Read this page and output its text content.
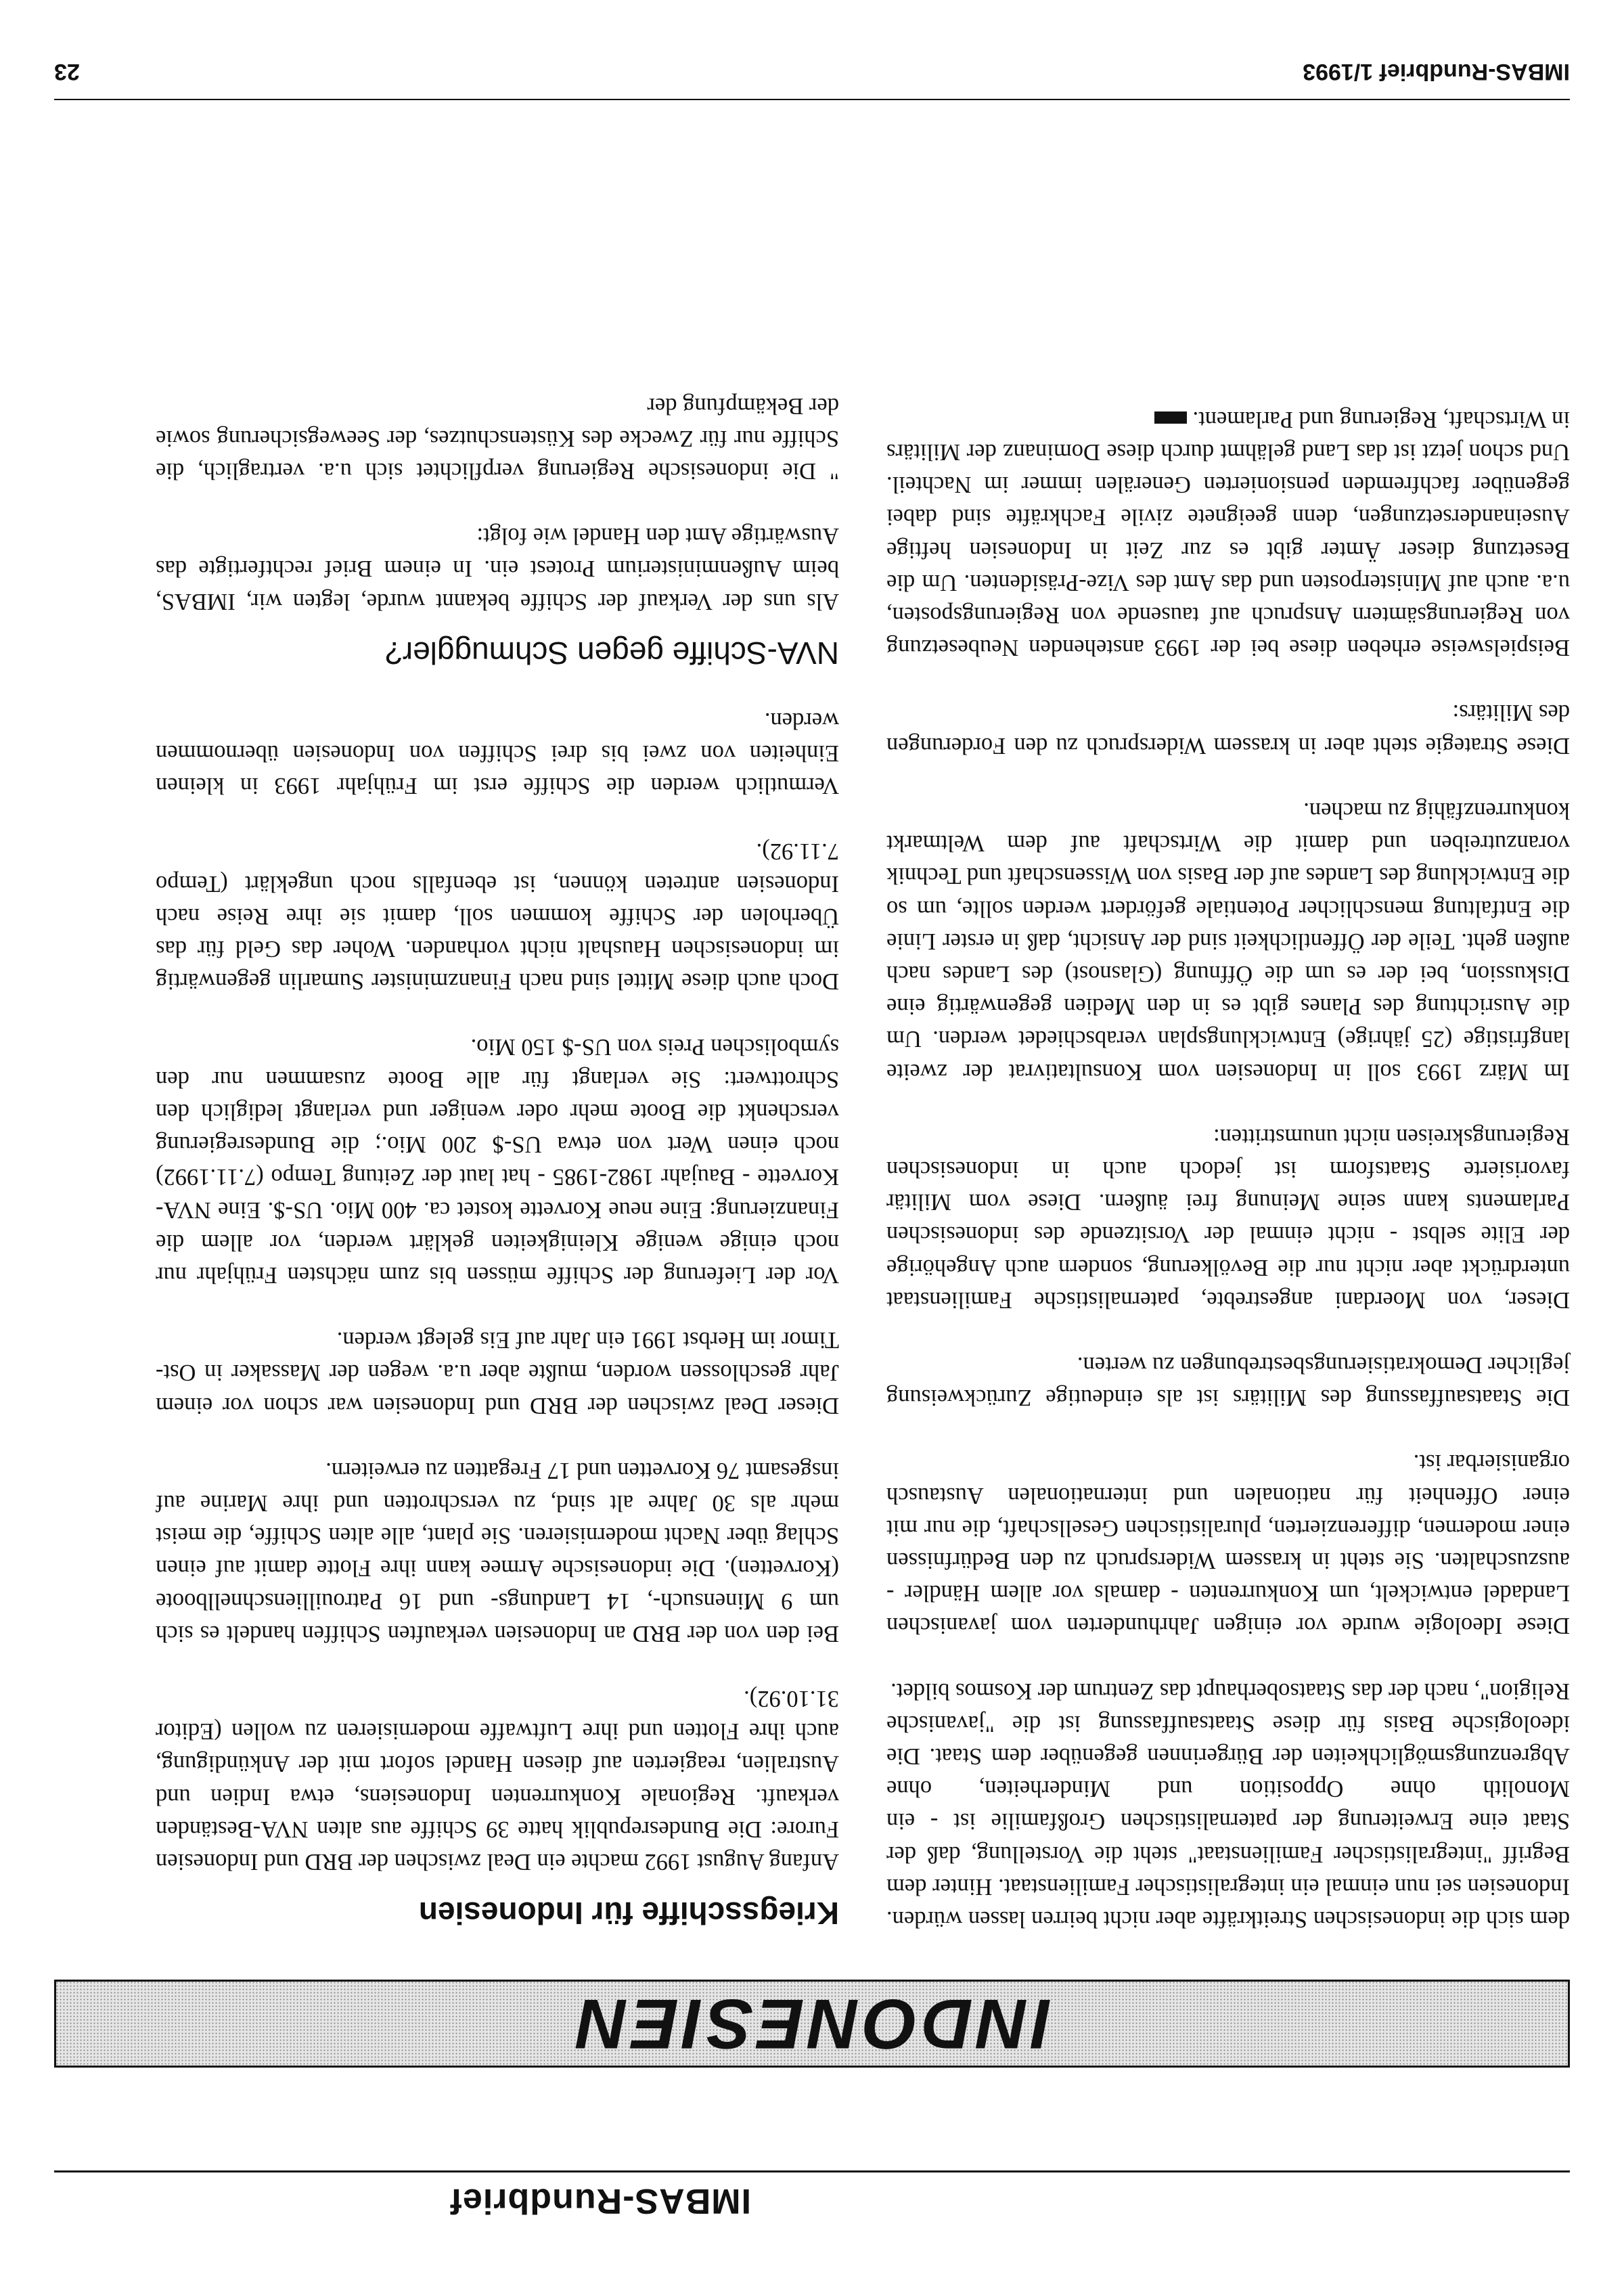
IMBAS-Rundbrief
INDONESIEN

dem sich die indonesischen Streitkräfte aber nicht beirren lassen würden. Indonesien sei nun einmal ein integralistischer Familienstaat. Hinter dem Begriff "integralistischer Familienstaat" steht die Vorstellung, daß der Staat eine Erweiterung der paternalistischen Großfamilie ist - ein Monolith ohne Opposition und Minderheiten, ohne Abgrenzungsmöglichkeiten der Bürgerinnen gegenüber dem Staat. Die ideologische Basis für diese Staatsauffassung ist die "javanische Religion", nach der das Staatsoberhaupt das Zentrum der Kosmos bildet.

Diese Ideologie wurde vor einigen Jahrhunderten vom javanischen Landadel entwickelt, um Konkurrenten - damals vor allem Händler - auszuschalten. Sie steht in krassem Widerspruch zu den Bedürfnissen einer modernen, differenzierten, pluralistischen Gesellschaft, die nur mit einer Offenheit für nationalen und internationalen Austausch organisierbar ist.

Die Staatsauffassung des Militärs ist als eindeutige Zurückweisung jeglicher Demokratisierungsbestrebungen zu werten.

Dieser, von Moerdani angestrebte, paternalistische Familienstaat unterdrückt aber nicht nur die Bevölkerung, sondern auch Angehörige der Elite selbst - nicht einmal der Vorsitzende des indonesischen Parlaments kann seine Meinung frei äußern. Diese vom Militär favorisierte Staatsform ist jedoch auch in indonesischen Regierungskreisen nicht unumstritten:

Im März 1993 soll in Indonesien vom Konsultativrat der zweite langfristige (25 jährige) Entwicklungsplan verabschiedet werden. Um die Ausrichtung des Planes gibt es in den Medien gegenwärtig eine Diskussion, bei der es um die Öffnung (Glasnost) des Landes nach außen geht. Teile der Öffentlichkeit sind der Ansicht, daß in erster Linie die Entfaltung menschlicher Potentiale gefördert werden sollte, um so die Entwicklung des Landes auf der Basis von Wissenschaft und Technik voranzutreiben und damit die Wirtschaft auf dem Weltmarkt konkurrenzfähig zu machen.

Diese Strategie steht aber in krassem Widerspruch zu den Forderungen des Militärs:

Beispielsweise erheben diese bei der 1993 anstehenden Neubesetzung von Regierungsämtern Anspruch auf tausende von Regierungsposten, u.a. auch auf Ministerposten und das Amt des Vize-Präsidenten. Um die Besetzung dieser Ämter gibt es zur Zeit in Indonesien heftige Auseinandersetzungen, denn geeignete zivile Fachkräfte sind dabei gegenüber fachfremden pensionierten Generälen immer im Nachteil. Und schon jetzt ist das Land gelähmt durch diese Dominanz der Militärs in Wirtschaft, Regierung und Parlament.

Kriegsschiffe für Indonesien

Anfang August 1992 machte ein Deal zwischen der BRD und Indonesien Furore: Die Bundesrepublik hatte 39 Schiffe aus alten NVA-Beständen verkauft. Regionale Konkurrenten Indonesiens, etwa Indien und Australien, reagierten auf diesen Handel sofort mit der Ankündigung, auch ihre Flotten und ihre Luftwaffe modernisieren zu wollen (Editor 31.10.92).

Bei den von der BRD an Indonesien verkauften Schiffen handelt es sich um 9 Minensuch-, 14 Landungs- und 16 Patrouillienschnellboote (Korvetten). Die indonesische Armee kann ihre Flotte damit auf einen Schlag über Nacht modernisieren. Sie plant, alle alten Schiffe, die meist mehr als 30 Jahre alt sind, zu verschrotten und ihre Marine auf insgesamt 76 Korvetten und 17 Fregatten zu erweitern.

Dieser Deal zwischen der BRD und Indonesien war schon vor einem Jahr geschlossen worden, mußte aber u.a. wegen der Massaker in Ost-Timor im Herbst 1991 ein Jahr auf Eis gelegt werden.

Vor der Lieferung der Schiffe müssen bis zum nächsten Frühjahr nur noch einige wenige Kleinigkeiten geklärt werden, vor allem die Finanzierung: Eine neue Korvette kostet ca. 400 Mio. US-$. Eine NVA-Korvette - Baujahr 1982-1985 - hat laut der Zeitung Tempo (7.11.1992) noch einen Wert von etwa US-$ 200 Mio.; die Bundesregierung verschenkt die Boote mehr oder weniger und verlangt lediglich den Schrottwert: Sie verlangt für alle Boote zusammen nur den symbolischen Preis von US-$ 150 Mio.

Doch auch diese Mittel sind nach Finanzminister Sumarlin gegenwärtig im indonesischen Haushalt nicht vorhanden. Woher das Geld für das Überholen der Schiffe kommen soll, damit sie ihre Reise nach Indonesien antreten können, ist ebenfalls noch ungeklärt (Tempo 7.11.92).

Vermutlich werden die Schiffe erst im Frühjahr 1993 in kleinen Einheiten von zwei bis drei Schiffen von Indonesien übernommen werden.

NVA-Schiffe gegen Schmuggler?

Als uns der Verkauf der Schiffe bekannt wurde, legten wir, IMBAS, beim Außenministerium Protest ein. In einem Brief rechtfertigte das Auswärtige Amt den Handel wie folgt:

" Die indonesische Regierung verpflichtet sich u.a. vertraglich, die Schiffe nur für Zwecke des Küstenschutzes, der Seewegsicherung sowie der Bekämpfung der

IMBAS-Rundbrief 1/1993
23
